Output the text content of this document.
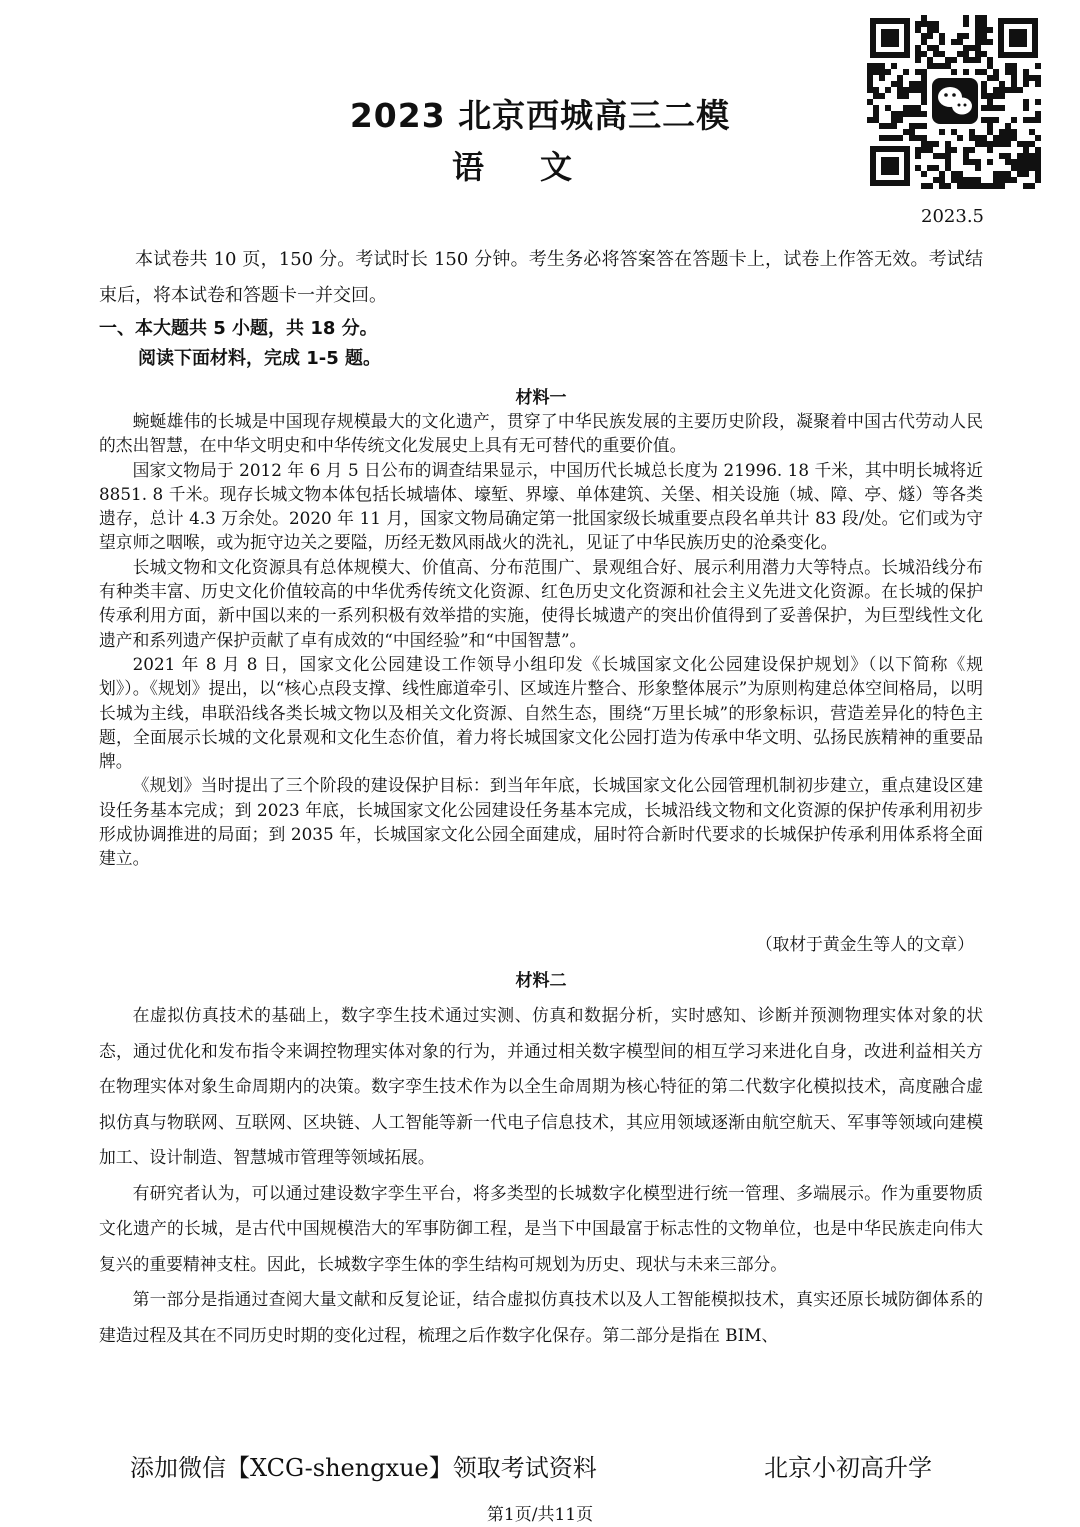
2023 北京西城高三二模
语文
2023.5
本试卷共 10 页，150 分。考试时长 150 分钟。考生务必将答案答在答题卡上，试卷上作答无效。考试结束后，将本试卷和答题卡一并交回。
一、本大题共 5 小题，共 18 分。
阅读下面材料，完成 1-5 题。
材料一

蜿蜒雄伟的长城是中国现存规模最大的文化遗产，贯穿了中华民族发展的主要历史阶段，凝聚着中国古代劳动人民的杰出智慧，在中华文明史和中华传统文化发展史上具有无可替代的重要价值。

国家文物局于 2012 年 6 月 5 日公布的调查结果显示，中国历代长城总长度为 21996. 18 千米，其中明长城将近 8851. 8 千米。现存长城文物本体包括长城墙体、壕堑、界壕、单体建筑、关堡、相关设施（城、障、亭、燧）等各类遗存，总计 4.3 万余处。2020 年 11 月，国家文物局确定第一批国家级长城重要点段名单共计 83 段/处。它们或为守望京师之咽喉，或为扼守边关之要隘，历经无数风雨战火的洗礼，见证了中华民族历史的沧桑变化。

长城文物和文化资源具有总体规模大、价值高、分布范围广、景观组合好、展示利用潜力大等特点。长城沿线分布有种类丰富、历史文化价值较高的中华优秀传统文化资源、红色历史文化资源和社会主义先进文化资源。在长城的保护传承利用方面，新中国以来的一系列积极有效举措的实施，使得长城遗产的突出价值得到了妥善保护，为巨型线性文化遗产和系列遗产保护贡献了卓有成效的“中国经验”和“中国智慧”。

2021 年 8 月 8 日，国家文化公园建设工作领导小组印发《长城国家文化公园建设保护规划》（以下简称《规划》）。《规划》提出，以“核心点段支撑、线性廊道牵引、区域连片整合、形象整体展示”为原则构建总体空间格局，以明长城为主线，串联沿线各类长城文物以及相关文化资源、自然生态，围绕“万里长城”的形象标识，营造差异化的特色主题，全面展示长城的文化景观和文化生态价值，着力将长城国家文化公园打造为传承中华文明、弘扬民族精神的重要品牌。

《规划》当时提出了三个阶段的建设保护目标：到当年年底，长城国家文化公园管理机制初步建立，重点建设区建设任务基本完成；到 2023 年底，长城国家文化公园建设任务基本完成，长城沿线文物和文化资源的保护传承利用初步形成协调推进的局面；到 2035 年，长城国家文化公园全面建成，届时符合新时代要求的长城保护传承利用体系将全面建立。

（取材于黄金生等人的文章）
材料二

在虚拟仿真技术的基础上，数字孪生技术通过实测、仿真和数据分析，实时感知、诊断并预测物理实体对象的状态，通过优化和发布指令来调控物理实体对象的行为，并通过相关数字模型间的相互学习来进化自身，改进利益相关方在物理实体对象生命周期内的决策。数字孪生技术作为以全生命周期为核心特征的第二代数字化模拟技术，高度融合虚拟仿真与物联网、互联网、区块链、人工智能等新一代电子信息技术，其应用领域逐渐由航空航天、军事等领域向建模加工、设计制造、智慧城市管理等领域拓展。

有研究者认为，可以通过建设数字孪生平台，将多类型的长城数字化模型进行统一管理、多端展示。作为重要物质文化遗产的长城，是古代中国规模浩大的军事防御工程，是当下中国最富于标志性的文物单位，也是中华民族走向伟大复兴的重要精神支柱。因此，长城数字孪生体的孪生结构可规划为历史、现状与未来三部分。

第一部分是指通过查阅大量文献和反复论证，结合虚拟仿真技术以及人工智能模拟技术，真实还原长城防御体系的建造过程及其在不同历史时期的变化过程，梳理之后作数字化保存。第二部分是指在 BIM、

添加微信【XCG-shengxue】领取考试资料	北京小初高升学
第1页/共11页
